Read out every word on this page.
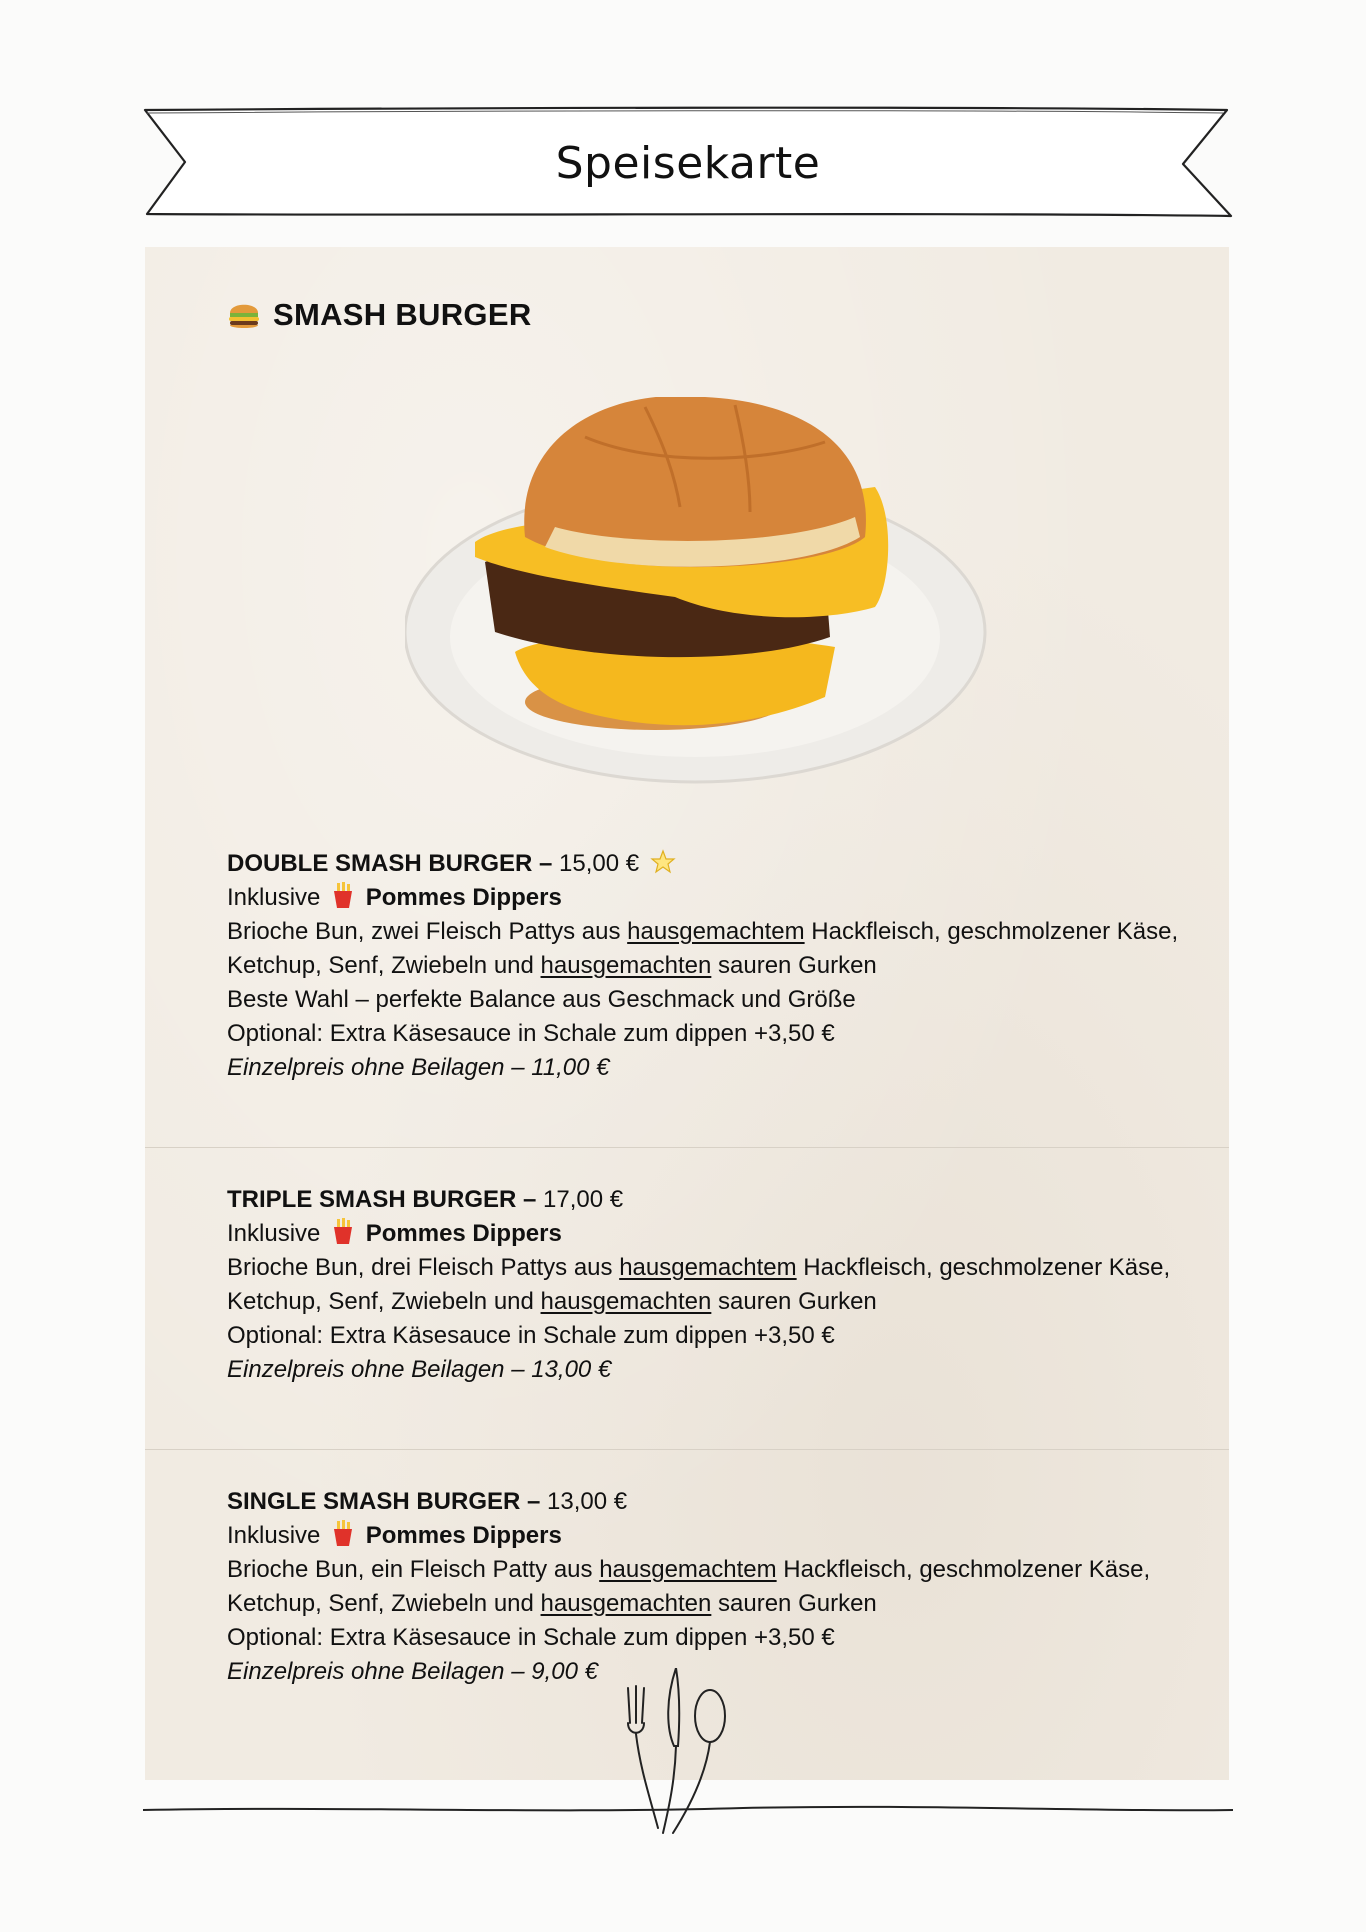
Speisekarte
SMASH BURGER
DOUBLE SMASH BURGER – 15,00 €
Inklusive Pommes Dippers
Brioche Bun, zwei Fleisch Pattys aus hausgemachtem Hackfleisch, geschmolzener Käse,
Ketchup, Senf, Zwiebeln und hausgemachten sauren Gurken
Beste Wahl – perfekte Balance aus Geschmack und Größe
Optional: Extra Käsesauce in Schale zum dippen +3,50 €
Einzelpreis ohne Beilagen – 11,00 €
TRIPLE SMASH BURGER – 17,00 €
Inklusive Pommes Dippers
Brioche Bun, drei Fleisch Pattys aus hausgemachtem Hackfleisch, geschmolzener Käse,
Ketchup, Senf, Zwiebeln und hausgemachten sauren Gurken
Optional: Extra Käsesauce in Schale zum dippen +3,50 €
Einzelpreis ohne Beilagen – 13,00 €
SINGLE SMASH BURGER – 13,00 €
Inklusive Pommes Dippers
Brioche Bun, ein Fleisch Patty aus hausgemachtem Hackfleisch, geschmolzener Käse,
Ketchup, Senf, Zwiebeln und hausgemachten sauren Gurken
Optional: Extra Käsesauce in Schale zum dippen +3,50 €
Einzelpreis ohne Beilagen – 9,00 €
